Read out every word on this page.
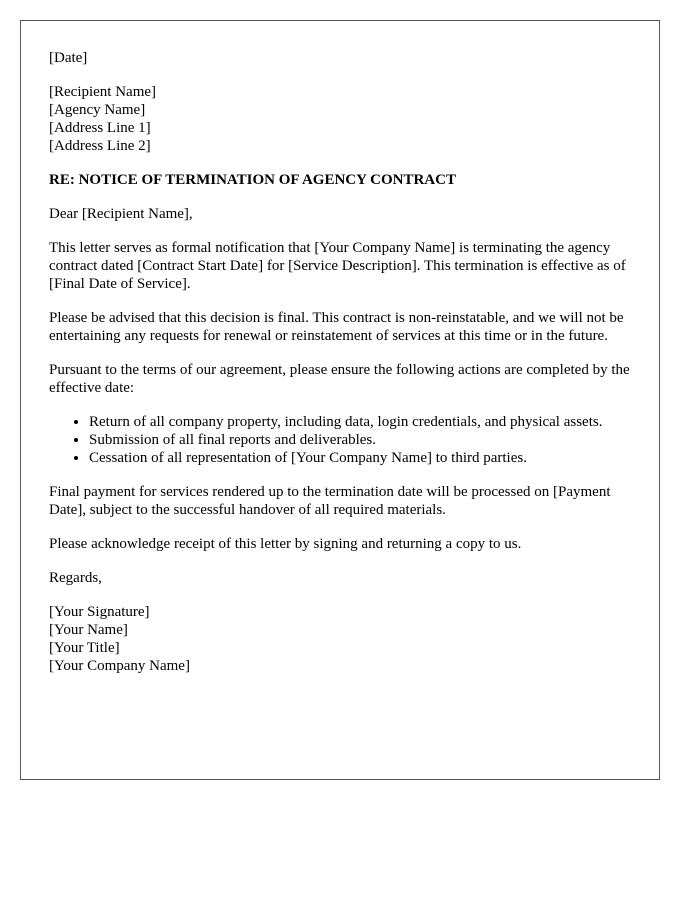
[Date]
[Recipient Name]
[Agency Name]
[Address Line 1]
[Address Line 2]
RE: NOTICE OF TERMINATION OF AGENCY CONTRACT

Dear [Recipient Name],

This letter serves as formal notification that [Your Company Name] is terminating the agency contract dated [Contract Start Date] for [Service Description]. This termination is effective as of [Final Date of Service].

Please be advised that this decision is final. This contract is non-reinstatable, and we will not be entertaining any requests for renewal or reinstatement of services at this time or in the future.

Pursuant to the terms of our agreement, please ensure the following actions are completed by the effective date:

• Return of all company property, including data, login credentials, and physical assets.
• Submission of all final reports and deliverables.
• Cessation of all representation of [Your Company Name] to third parties.

Final payment for services rendered up to the termination date will be processed on [Payment Date], subject to the successful handover of all required materials.

Please acknowledge receipt of this letter by signing and returning a copy to us.

Regards,

[Your Signature]
[Your Name]
[Your Title]
[Your Company Name]
